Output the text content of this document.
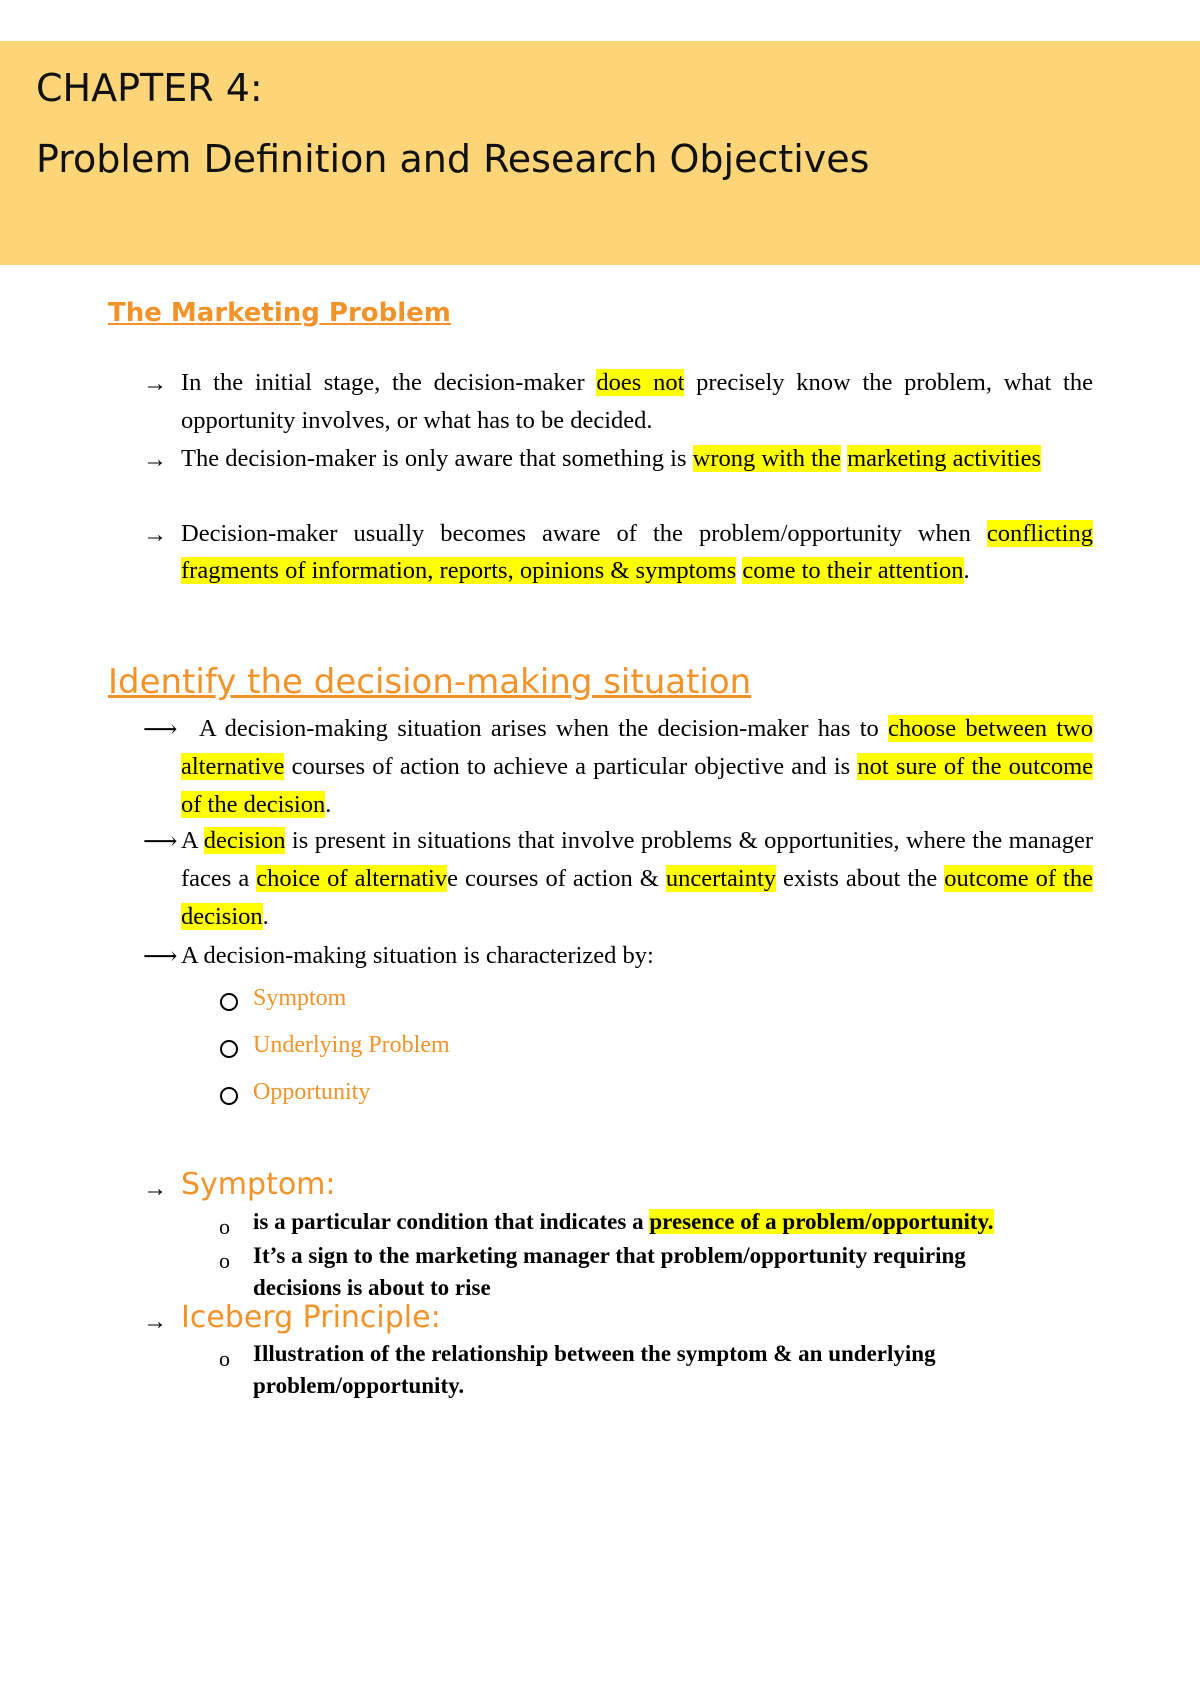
CHAPTER 4:
Problem Definition and Research Objectives
The Marketing Problem
→ In the initial stage, the decision-maker does not precisely know the problem, what the opportunity involves, or what has to be decided.
→ The decision-maker is only aware that something is wrong with the marketing activities
→ Decision-maker usually becomes aware of the problem/opportunity when conflicting fragments of information, reports, opinions & symptoms come to their attention.
Identify the decision-making situation
⟶ A decision-making situation arises when the decision-maker has to choose between two alternative courses of action to achieve a particular objective and is not sure of the outcome of the decision.
⟶ A decision is present in situations that involve problems & opportunities, where the manager faces a choice of alternative courses of action & uncertainty exists about the outcome of the decision.
⟶ A decision-making situation is characterized by:
Symptom
Underlying Problem
Opportunity
→ Symptom:
o is a particular condition that indicates a presence of a problem/opportunity.
o It’s a sign to the marketing manager that problem/opportunity requiring decisions is about to rise
→ Iceberg Principle:
o Illustration of the relationship between the symptom & an underlying problem/opportunity.
